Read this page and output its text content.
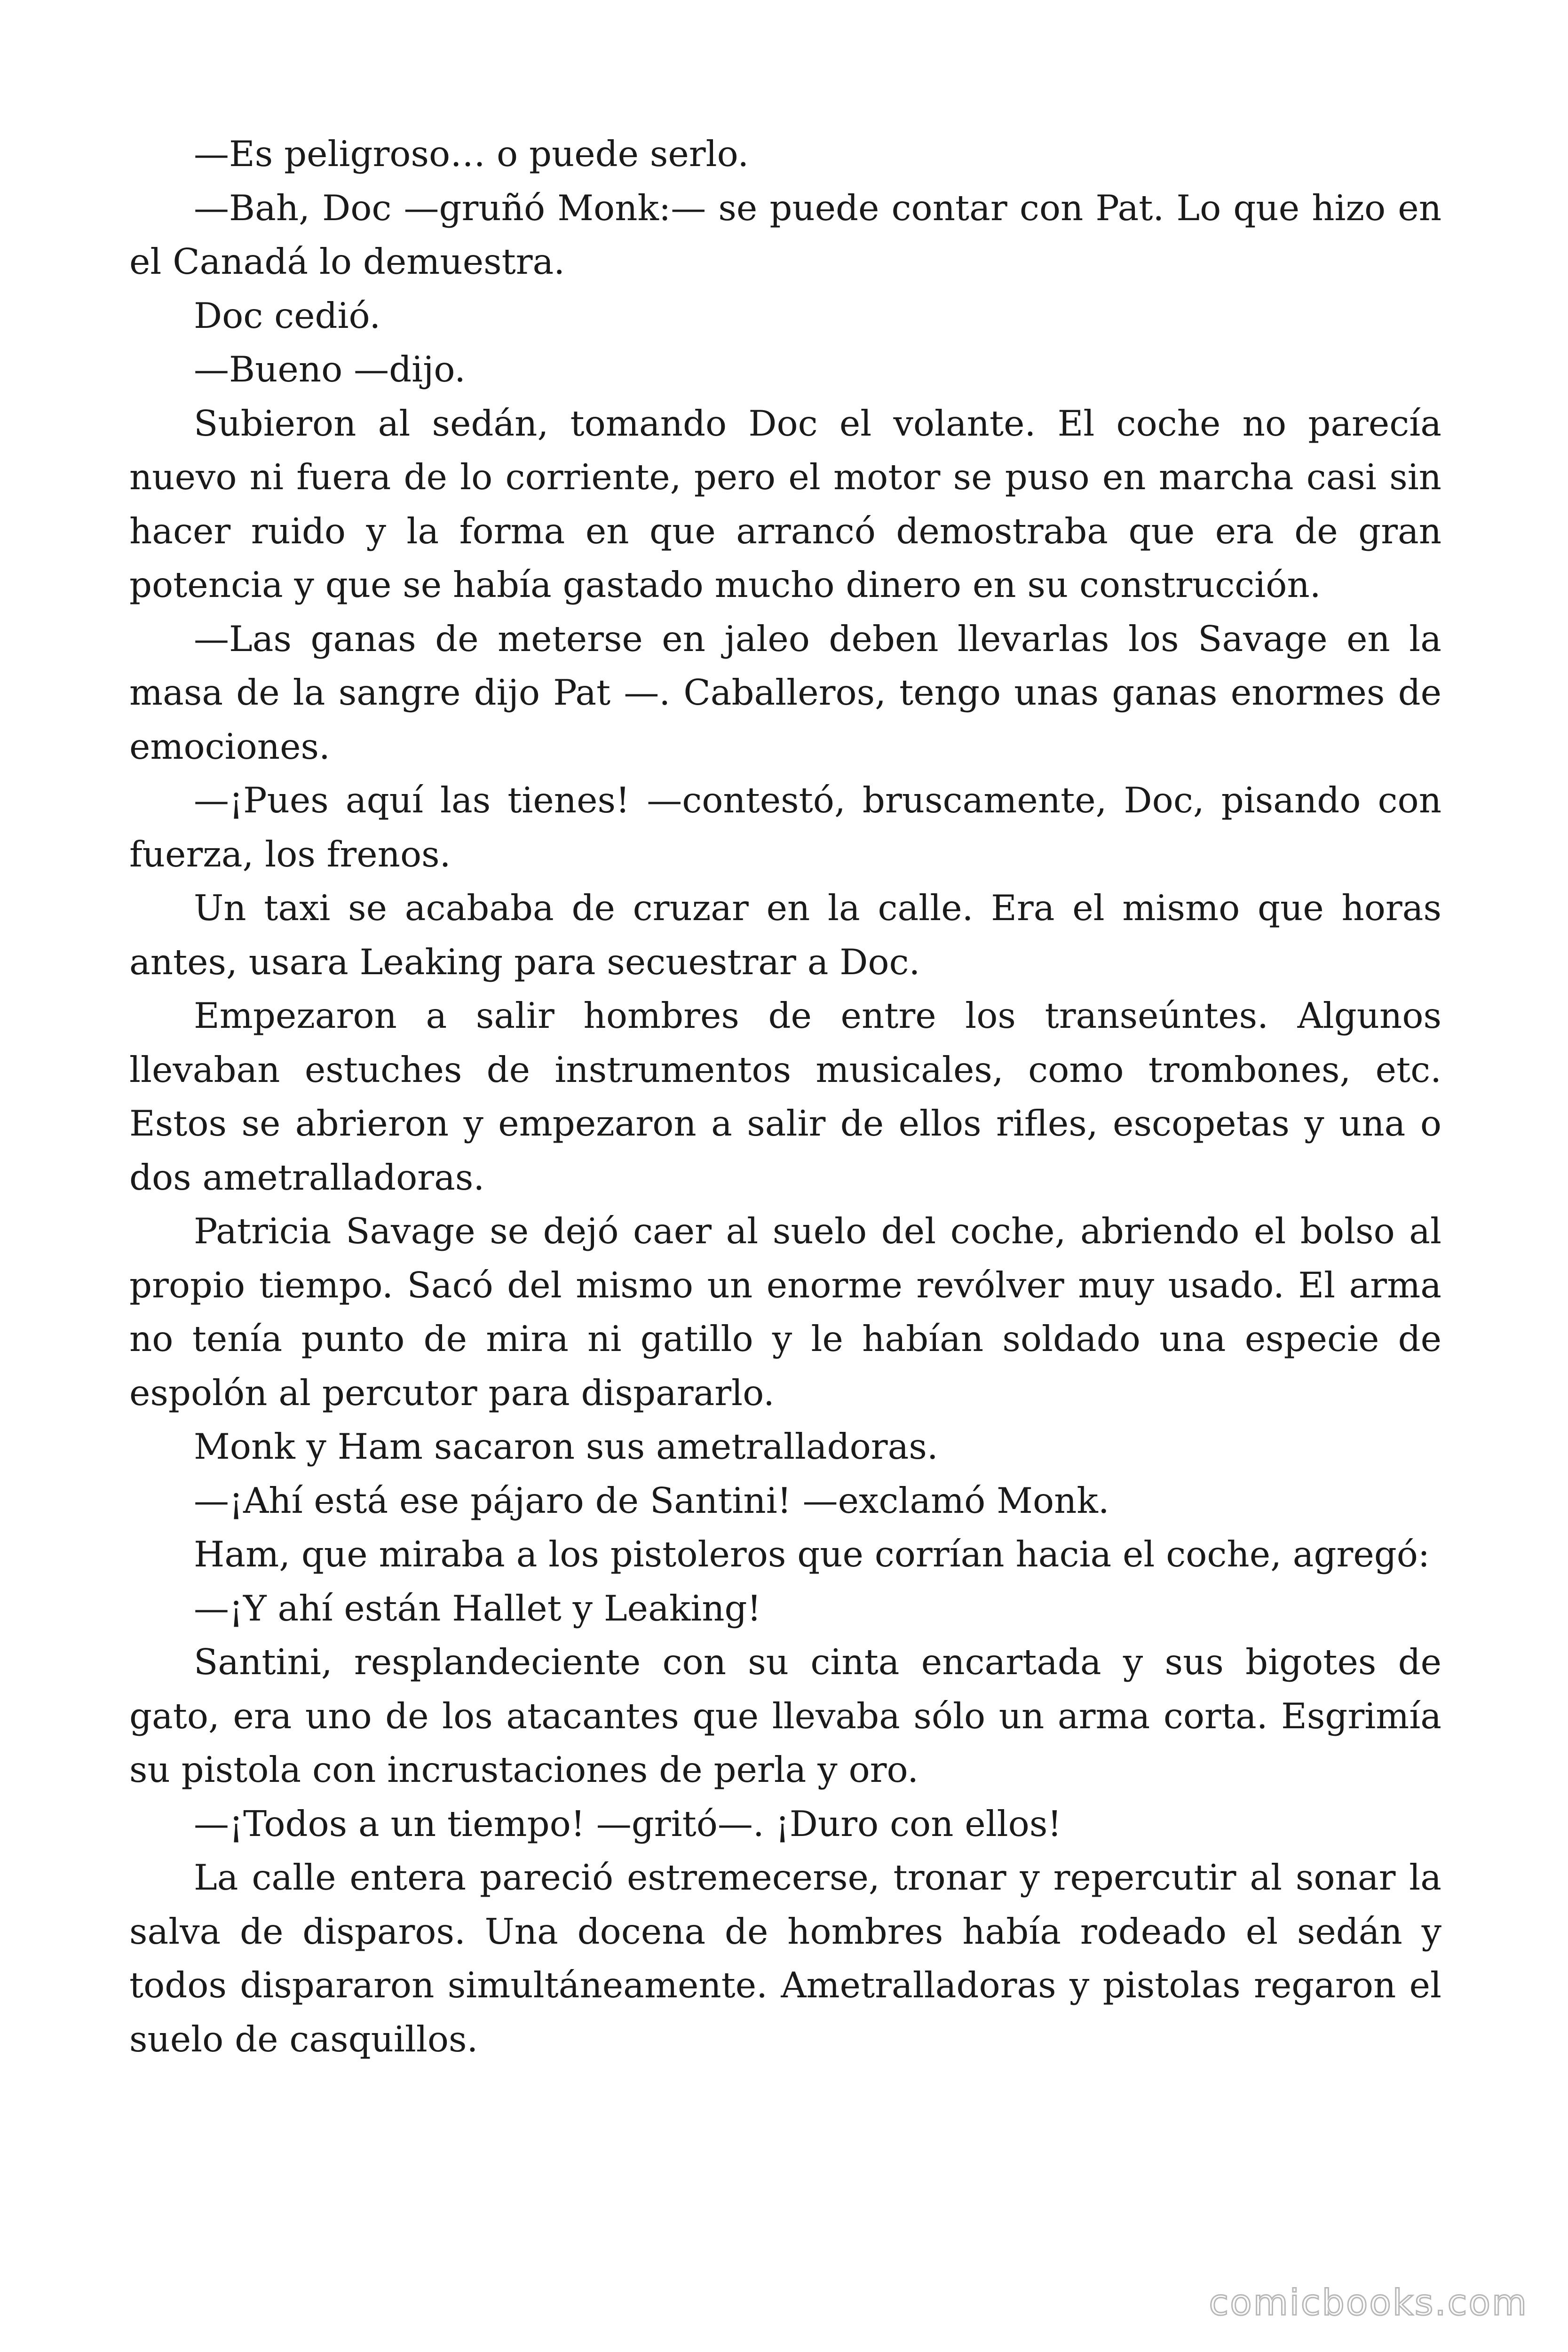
—Es peligroso… o puede serlo.

—Bah, Doc —gruñó Monk:— se puede contar con Pat. Lo que hizo en el Canadá lo demuestra.

Doc cedió.

—Bueno —dijo.

Subieron al sedán, tomando Doc el volante. El coche no parecía nuevo ni fuera de lo corriente, pero el motor se puso en marcha casi sin hacer ruido y la forma en que arrancó demostraba que era de gran potencia y que se había gastado mucho dinero en su construcción.

—Las ganas de meterse en jaleo deben llevarlas los Savage en la masa de la sangre dijo Pat —. Caballeros, tengo unas ganas enormes de emociones.

—¡Pues aquí las tienes! —contestó, bruscamente, Doc, pisando con fuerza, los frenos.

Un taxi se acababa de cruzar en la calle. Era el mismo que horas antes, usara Leaking para secuestrar a Doc.

Empezaron a salir hombres de entre los transeúntes. Algunos llevaban estuches de instrumentos musicales, como trombones, etc. Estos se abrieron y empezaron a salir de ellos rifles, escopetas y una o dos ametralladoras.

Patricia Savage se dejó caer al suelo del coche, abriendo el bolso al propio tiempo. Sacó del mismo un enorme revólver muy usado. El arma no tenía punto de mira ni gatillo y le habían soldado una especie de espolón al percutor para dispararlo.

Monk y Ham sacaron sus ametralladoras.

—¡Ahí está ese pájaro de Santini! —exclamó Monk.

Ham, que miraba a los pistoleros que corrían hacia el coche, agregó:

—¡Y ahí están Hallet y Leaking!

Santini, resplandeciente con su cinta encartada y sus bigotes de gato, era uno de los atacantes que llevaba sólo un arma corta. Esgrimía su pistola con incrustaciones de perla y oro.

—¡Todos a un tiempo! —gritó—. ¡Duro con ellos!

La calle entera pareció estremecerse, tronar y repercutir al sonar la salva de disparos. Una docena de hombres había rodeado el sedán y todos dispararon simultáneamente. Ametralladoras y pistolas regaron el suelo de casquillos.

comicbooks.com
